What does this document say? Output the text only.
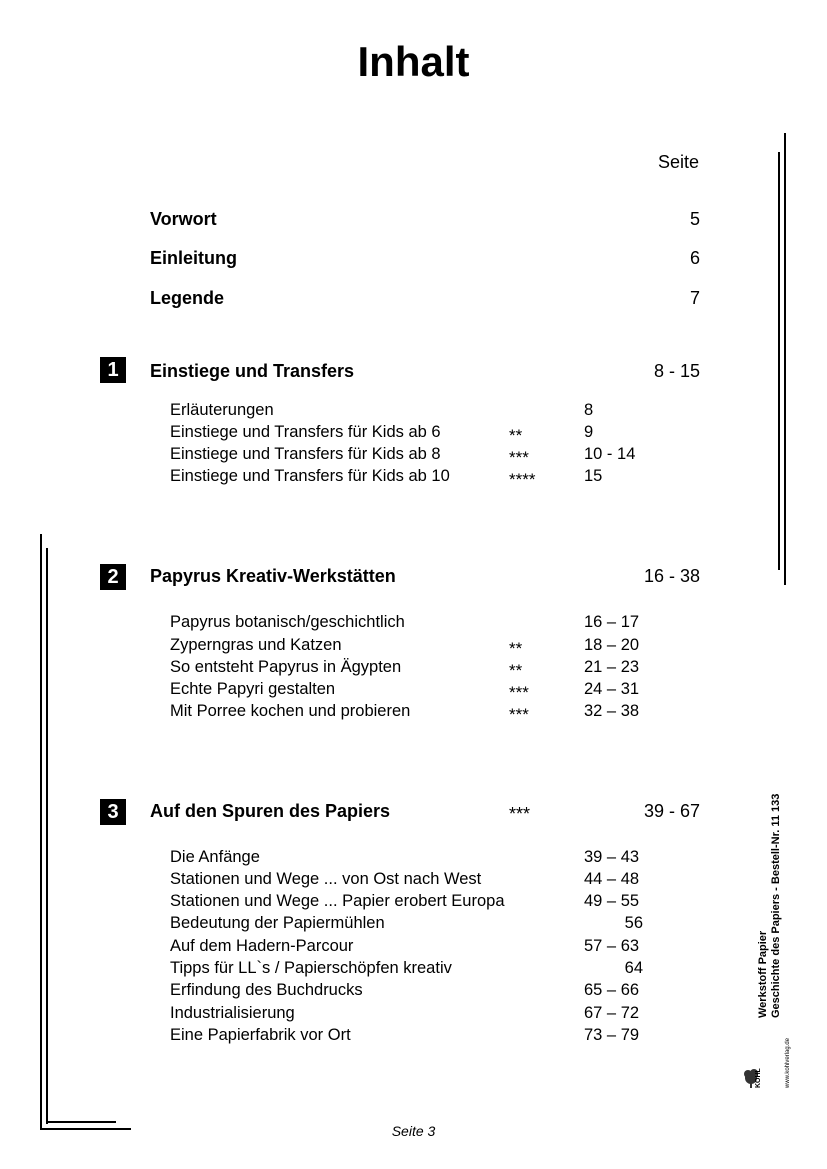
Inhalt
Seite
Vorwort	5
Einleitung	6
Legende	7
1	Einstiege und Transfers	8 - 15
Erläuterungen	8
Einstiege und Transfers für Kids ab 6	**	9
Einstiege und Transfers für Kids ab 8	***	10 - 14
Einstiege und Transfers für Kids ab 10	****	15
2	Papyrus Kreativ-Werkstätten	16 - 38
Papyrus botanisch/geschichtlich	16 – 17
Zyperngras und Katzen	**	18 – 20
So entsteht Papyrus in Ägypten	**	21 – 23
Echte Papyri gestalten	***	24 – 31
Mit Porree kochen und probieren	***	32 – 38
3	Auf den Spuren des Papiers	***	39 - 67
Die Anfänge	39 – 43
Stationen und Wege ... von Ost nach West	44 – 48
Stationen und Wege ... Papier erobert Europa	49 – 55
Bedeutung der Papiermühlen	56
Auf dem Hadern-Parcour	57 – 63
Tipps für LL`s / Papierschöpfen kreativ	64
Erfindung des Buchdrucks	65 – 66
Industrialisierung	67 – 72
Eine Papierfabrik vor Ort	73 – 79
Werkstoff Papier Geschichte des Papiers - Bestell-Nr. 11 133
KOHL	www.kohlverlag.de
Seite 3
